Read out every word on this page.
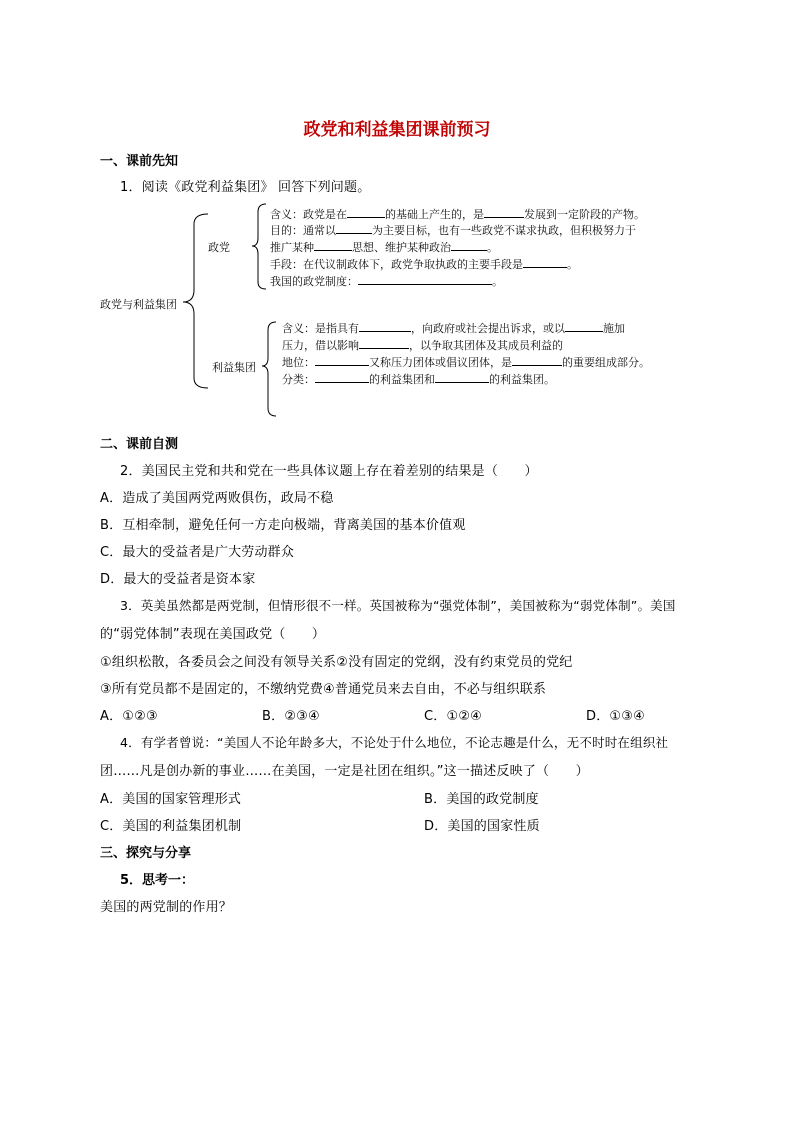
政党和利益集团课前预习
一、课前先知
1．阅读《政党利益集团》 回答下列问题。
政党与利益集团
政党
利益集团
含义：政党是在	的基础上产生的，是	发展到一定阶段的产物。
目的：通常以	为主要目标，也有一些政党不谋求执政，但积极努力于
推广某种	思想、维护某种政治	。
手段：在代议制政体下，政党争取执政的主要手段是	。
我国的政党制度：	。
含义：是指具有	，向政府或社会提出诉求，或以	施加
压力，借以影响	，以争取其团体及其成员利益的
地位：	又称压力团体或倡议团体，是	的重要组成部分。
分类：	的利益集团和	的利益集团。
二、课前自测
2．美国民主党和共和党在一些具体议题上存在着差别的结果是（　　）
A．造成了美国两党两败俱伤，政局不稳
B．互相牵制，避免任何一方走向极端，背离美国的基本价值观
C．最大的受益者是广大劳动群众
D．最大的受益者是资本家
3．英美虽然都是两党制，但情形很不一样。英国被称为“强党体制”，美国被称为“弱党体制”。美国
的“弱党体制”表现在美国政党（　　）
①组织松散，各委员会之间没有领导关系②没有固定的党纲，没有约束党员的党纪
③所有党员都不是固定的，不缴纳党费④普通党员来去自由，不必与组织联系
A．①②③	B．②③④	C．①②④	D．①③④
4．有学者曾说：“美国人不论年龄多大，不论处于什么地位，不论志趣是什么，无不时时在组织社
团……凡是创办新的事业……在美国，一定是社团在组织。”这一描述反映了（　　）
A．美国的国家管理形式	B．美国的政党制度
C．美国的利益集团机制	D．美国的国家性质
三、探究与分享
5．思考一：
美国的两党制的作用？
